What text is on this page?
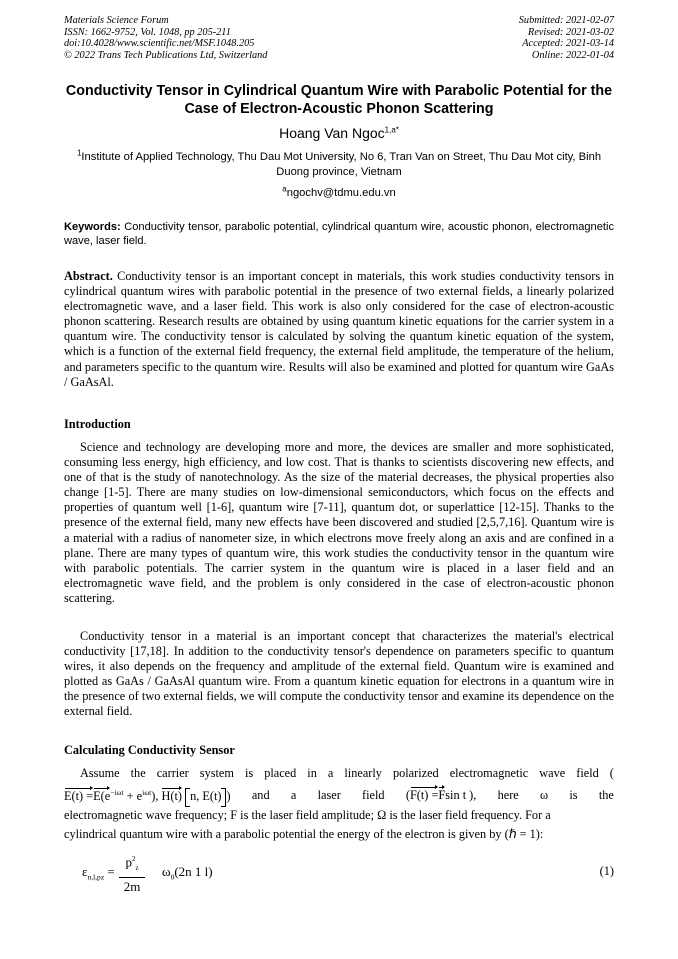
Materials Science Forum
ISSN: 1662-9752, Vol. 1048, pp 205-211
doi:10.4028/www.scientific.net/MSF.1048.205
© 2022 Trans Tech Publications Ltd, Switzerland
Submitted: 2021-02-07
Revised: 2021-03-02
Accepted: 2021-03-14
Online: 2022-01-04
Conductivity Tensor in Cylindrical Quantum Wire with Parabolic Potential for the Case of Electron-Acoustic Phonon Scattering
Hoang Van Ngoc$^{1,a*}$
$^1$Institute of Applied Technology, Thu Dau Mot University, No 6, Tran Van on Street, Thu Dau Mot city, Binh Duong province, Vietnam
$^a$ngochv@tdmu.edu.vn
Keywords: Conductivity tensor, parabolic potential, cylindrical quantum wire, acoustic phonon, electromagnetic wave, laser field.
Abstract. Conductivity tensor is an important concept in materials, this work studies conductivity tensors in cylindrical quantum wires with parabolic potential in the presence of two external fields, a linearly polarized electromagnetic wave, and a laser field. This work is also only considered for the case of electron-acoustic phonon scattering. Research results are obtained by using quantum kinetic equations for the carrier system in a quantum wire. The conductivity tensor is calculated by solving the quantum kinetic equation of the system, which is a function of the external field frequency, the external field amplitude, the temperature of the helium, and parameters specific to the quantum wire. Results will also be examined and plotted for quantum wire GaAs / GaAsAl.
Introduction
Science and technology are developing more and more, the devices are smaller and more sophisticated, consuming less energy, high efficiency, and low cost. That is thanks to scientists discovering new effects, and one of that is the study of nanotechnology. As the size of the material decreases, the physical properties also change [1-5]. There are many studies on low-dimensional semiconductors, which focus on the effects and properties of quantum well [1-6], quantum wire [7-11], quantum dot, or superlattice [12-15]. Thanks to the presence of the external field, many new effects have been discovered and studied [2,5,7,16]. Quantum wire is a material with a radius of nanometer size, in which electrons move freely along an axis and are confined in a plane. There are many types of quantum wire, this work studies the conductivity tensor in the quantum wire with parabolic potentials. The carrier system in the quantum wire is placed in a laser field and an electromagnetic wave field, and the problem is only considered in the case of electron-acoustic phonon scattering.
Conductivity tensor in a material is an important concept that characterizes the material's electrical conductivity [17,18]. In addition to the conductivity tensor's dependence on parameters specific to quantum wires, it also depends on the frequency and amplitude of the external field. Quantum wire is examined and plotted as GaAs / GaAsAl quantum wire. From a quantum kinetic equation for electrons in a quantum wire in the presence of two external fields, we will compute the conductivity tensor and examine its dependence on the external field.
Calculating Conductivity Sensor
Assume the carrier system is placed in a linearly polarized electromagnetic wave field (
$E(t) =E(e^{-i\omega t} + e^{i\omega t})$, H(t) n, E(t) ) and a laser field (F(t) =Fsin t ), here ω is the
electromagnetic wave frequency; F is the laser field amplitude; Ω is the laser field frequency. For a
cylindrical quantum wire with a parabolic potential the energy of the electron is given by (ℏ = 1):
$\varepsilon_{n,l,pz}$ =
$p^2_z$
2m
$\omega_0(2n$ 1 l)	(1)
